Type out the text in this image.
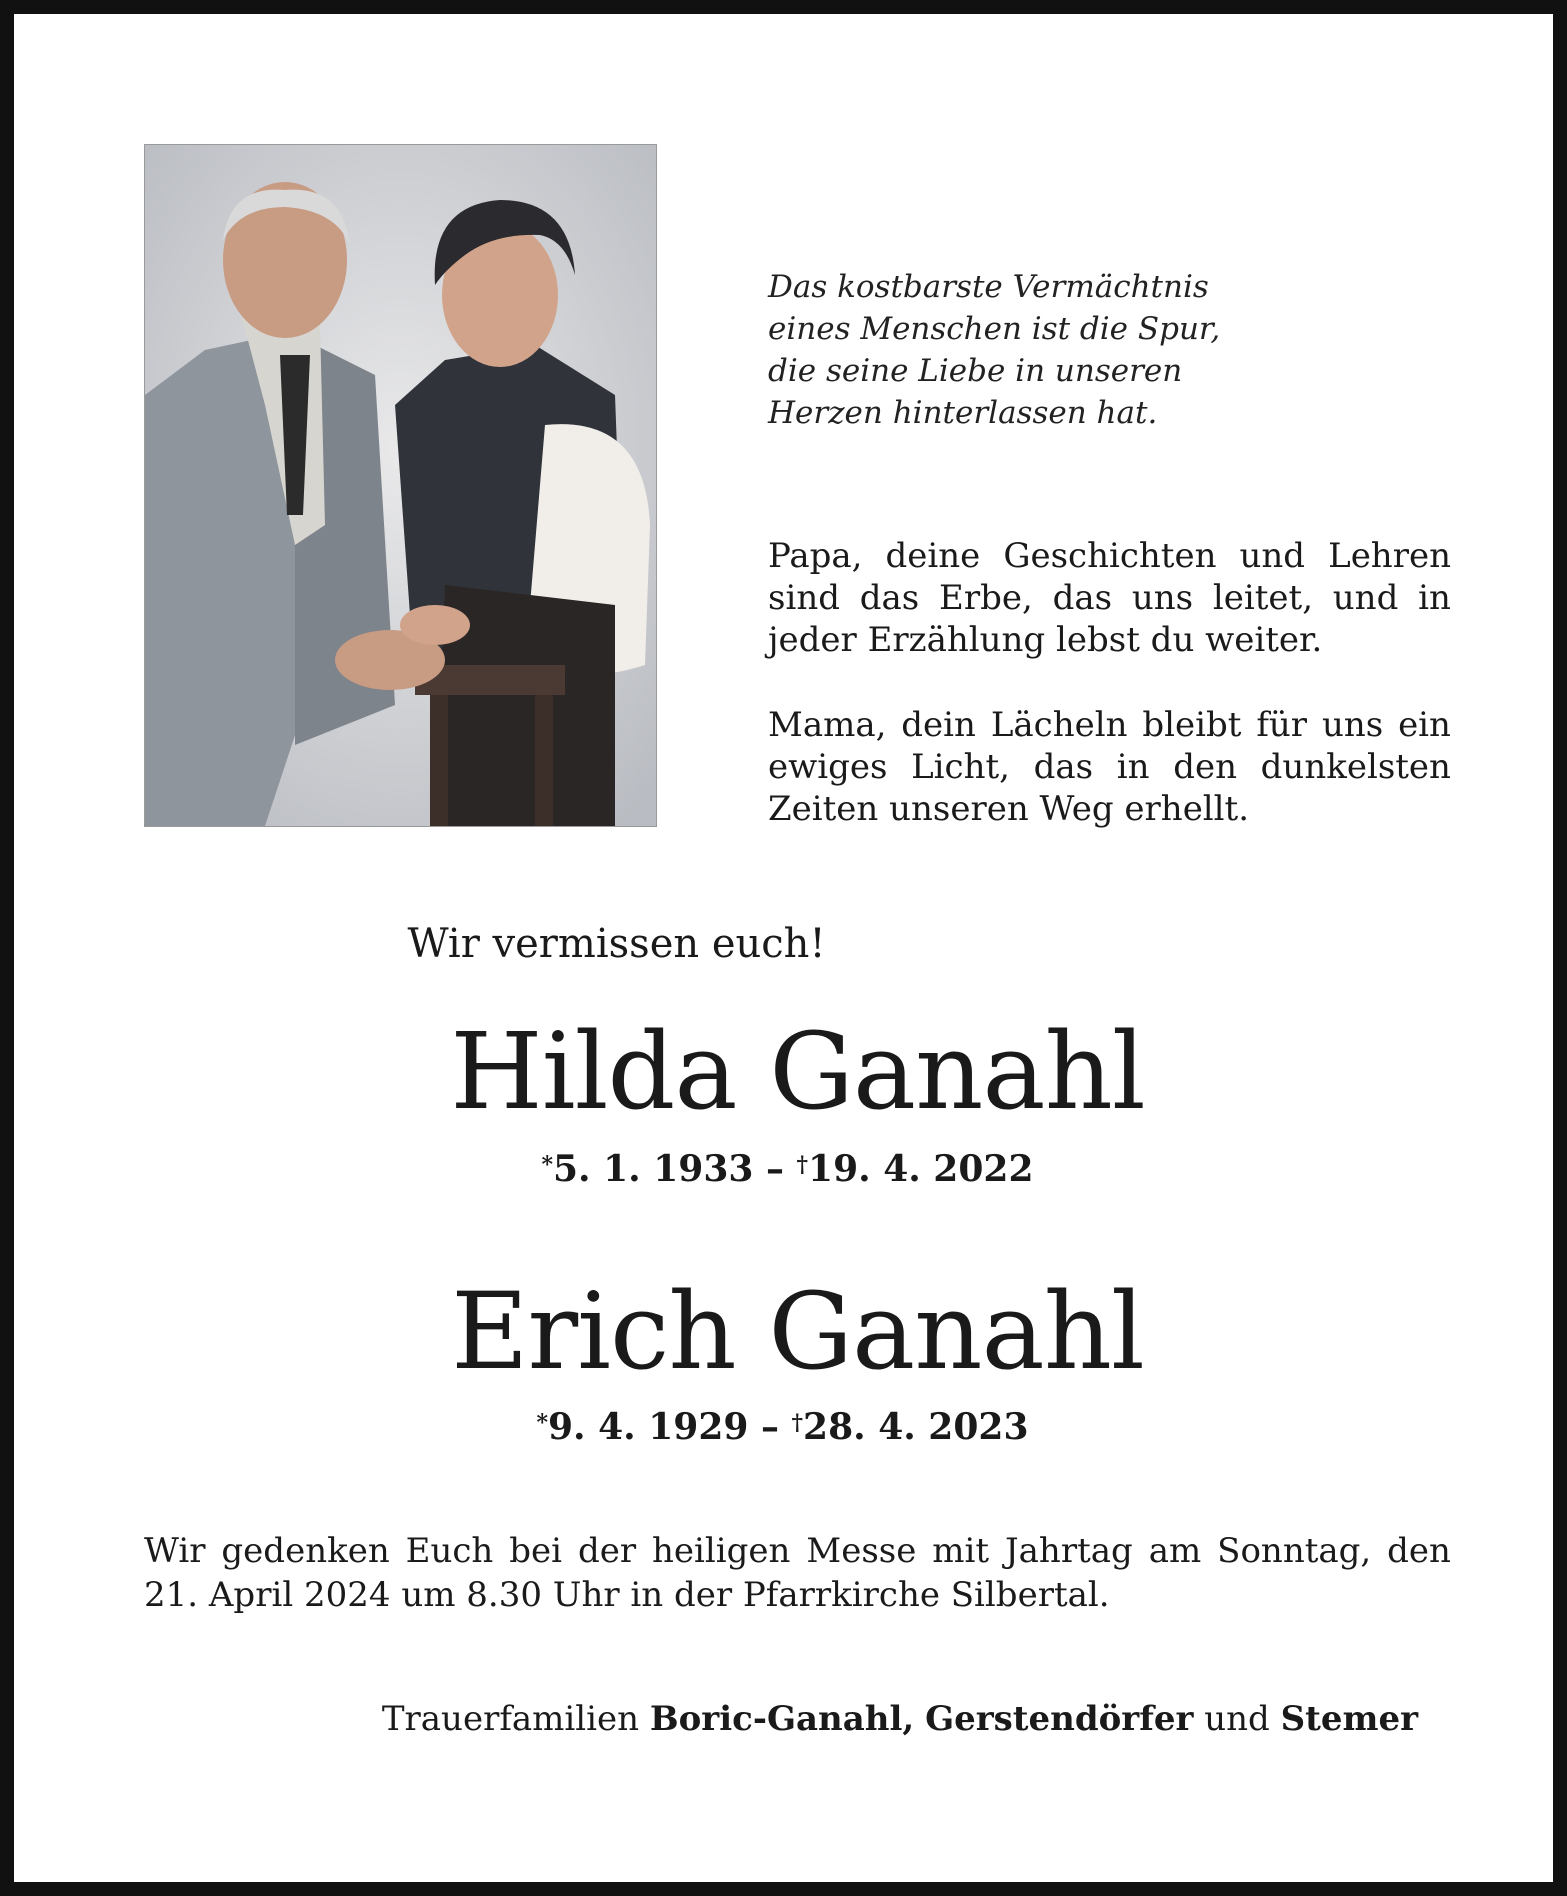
Das kostbarste Vermächtnis
eines Menschen ist die Spur,
die seine Liebe in unseren
Herzen hinterlassen hat.
Papa, deine Geschichten und Lehren
sind das Erbe, das uns leitet, und in
jeder Erzählung lebst du weiter.
Mama, dein Lächeln bleibt für uns ein
ewiges Licht, das in den dunkelsten
Zeiten unseren Weg erhellt.
Wir vermissen euch!
Hilda Ganahl
*5. 1. 1933 – †19. 4. 2022
Erich Ganahl
*9. 4. 1929 – †28. 4. 2023
Wir gedenken Euch bei der heiligen Messe mit Jahrtag am Sonntag, den
21. April 2024 um 8.30 Uhr in der Pfarrkirche Silbertal.
Trauerfamilien Boric-Ganahl, Gerstendörfer und Stemer
